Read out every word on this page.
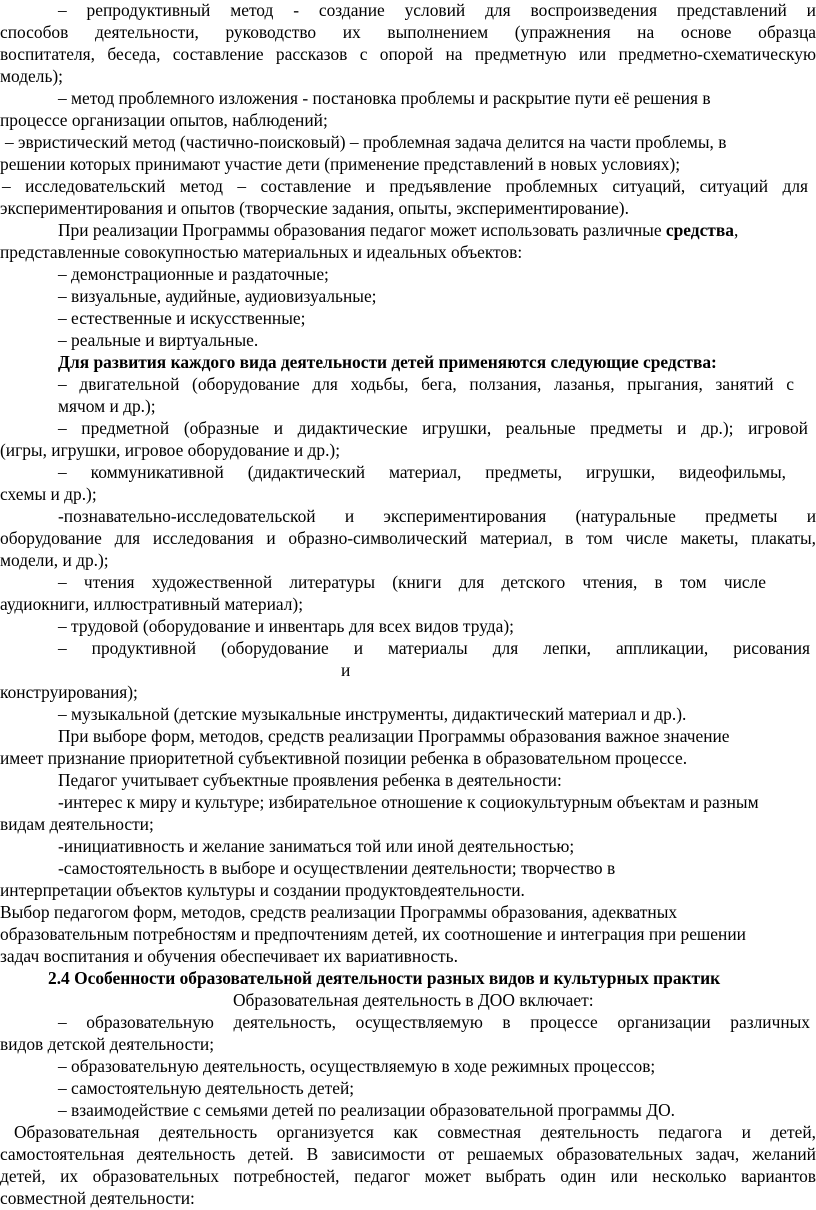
– репродуктивный метод - создание условий для воспроизведения представлений и
способов деятельности, руководство их выполнением (упражнения на основе образца
воспитателя, беседа, составление рассказов с опорой на предметную или предметно-схематическую
модель);
– метод проблемного изложения - постановка проблемы и раскрытие пути её решения в
процессе организации опытов, наблюдений;
– эвристический метод (частично-поисковый) – проблемная задача делится на части проблемы, в
решении которых принимают участие дети (применение представлений в новых условиях);
– исследовательский метод – составление и предъявление проблемных ситуаций, ситуаций для
экспериментирования и опытов (творческие задания, опыты, экспериментирование).
При реализации Программы образования педагог может использовать различные средства,
представленные совокупностью материальных и идеальных объектов:
– демонстрационные и раздаточные;
– визуальные, аудийные, аудиовизуальные;
– естественные и искусственные;
– реальные и виртуальные.
Для развития каждого вида деятельности детей применяются следующие средства:
– двигательной (оборудование для ходьбы, бега, ползания, лазанья, прыгания, занятий с
мячом и др.);
– предметной (образные и дидактические игрушки, реальные предметы и др.); игровой
(игры, игрушки, игровое оборудование и др.);
– коммуникативной (дидактический материал, предметы, игрушки, видеофильмы,
схемы и др.);
-познавательно-исследовательской и экспериментирования (натуральные предметы и
оборудование для исследования и образно-символический материал, в том числе макеты, плакаты,
модели, и др.);
– чтения художественной литературы (книги для детского чтения, в том числе
аудиокниги, иллюстративный материал);
– трудовой (оборудование и инвентарь для всех видов труда);
– продуктивной (оборудование и материалы для лепки, аппликации, рисования
и
конструирования);
– музыкальной (детские музыкальные инструменты, дидактический материал и др.).
При выборе форм, методов, средств реализации Программы образования важное значение
имеет признание приоритетной субъективной позиции ребенка в образовательном процессе.
Педагог учитывает субъектные проявления ребенка в деятельности:
-интерес к миру и культуре; избирательное отношение к социокультурным объектам и разным
видам деятельности;
-инициативность и желание заниматься той или иной деятельностью;
-самостоятельность в выборе и осуществлении деятельности; творчество в
интерпретации объектов культуры и создании продуктовдеятельности.
Выбор педагогом форм, методов, средств реализации Программы образования, адекватных
образовательным потребностям и предпочтениям детей, их соотношение и интеграция при решении
задач воспитания и обучения обеспечивает их вариативность.
2.4 Особенности образовательной деятельности разных видов и культурных практик
Образовательная деятельность в ДОО включает:
– образовательную деятельность, осуществляемую в процессе организации различных
видов детской деятельности;
– образовательную деятельность, осуществляемую в ходе режимных процессов;
– самостоятельную деятельность детей;
– взаимодействие с семьями детей по реализации образовательной программы ДО.
Образовательная деятельность организуется как совместная деятельность педагога и детей,
самостоятельная деятельность детей. В зависимости от решаемых образовательных задач, желаний
детей, их образовательных потребностей, педагог может выбрать один или несколько вариантов
совместной деятельности:
